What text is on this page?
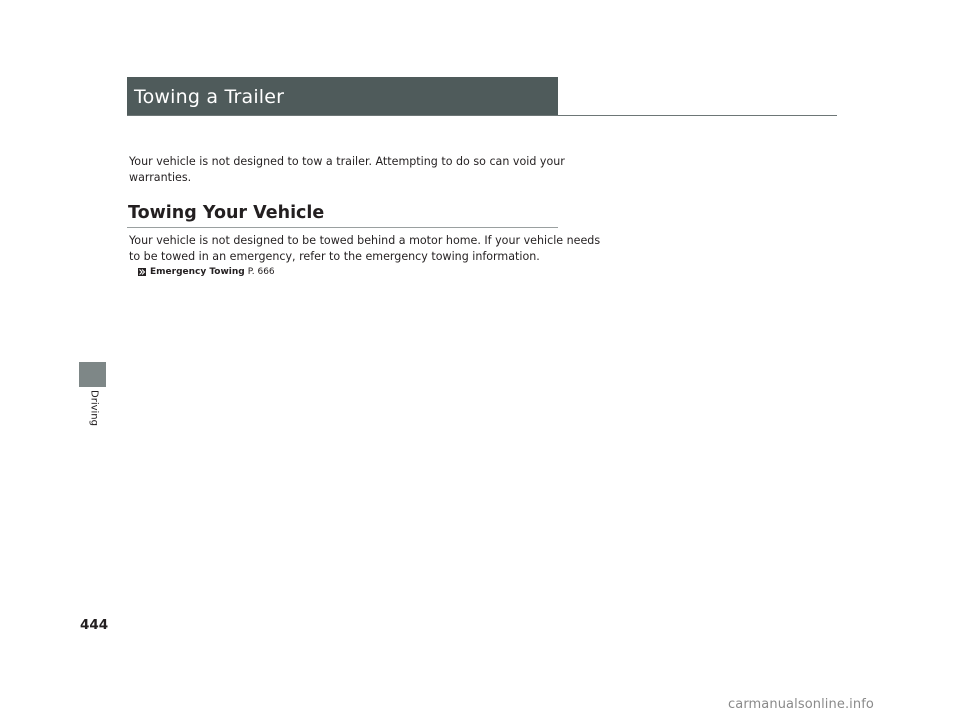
Towing a Trailer
Your vehicle is not designed to tow a trailer. Attempting to do so can void your
warranties.
Towing Your Vehicle
Your vehicle is not designed to be towed behind a motor home. If your vehicle needs
to be towed in an emergency, refer to the emergency towing information.
Emergency Towing P. 666
Driving
444
carmanualsonline.info
